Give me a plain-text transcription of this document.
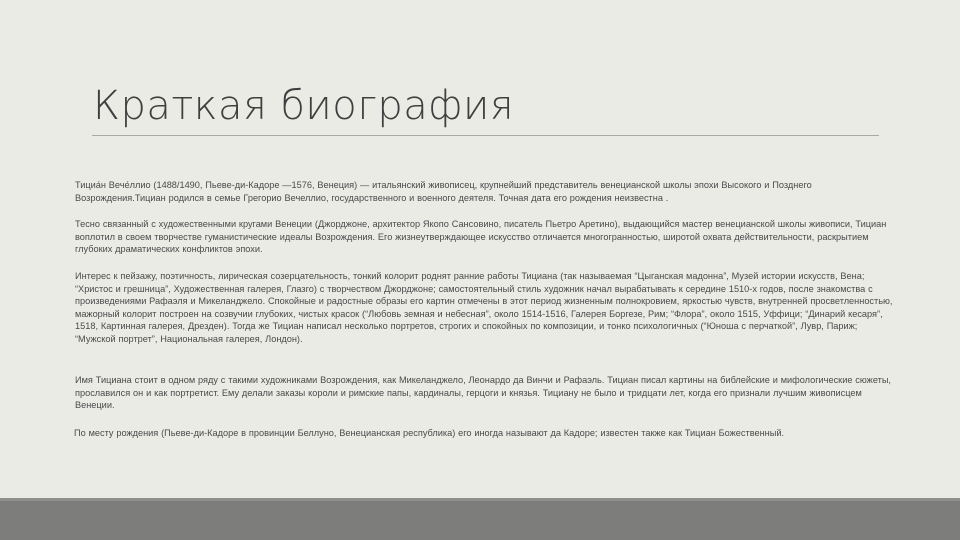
Краткая биография

Тициа́н Вече́ллио (1488/1490, Пьеве-ди-Кадоре —1576, Венеция) — итальянский живописец, крупнейший представитель венецианской школы эпохи Высокого и Позднего Возрождения.Тициан родился в семье Грегорио Вечеллио, государственного и военного деятеля. Точная дата его рождения неизвестна .

Тесно связанный с художественными кругами Венеции (Джорджоне, архитектор Якопо Сансовино, писатель Пьетро Аретино), выдающийся мастер венецианской школы живописи, Тициан воплотил в своем творчестве гуманистические идеалы Возрождения. Его жизнеутверждающее искусство отличается многогранностью, широтой охвата действительности, раскрытием глубоких драматических конфликтов эпохи.

Интерес к пейзажу, поэтичность, лирическая созерцательность, тонкий колорит роднят ранние работы Тициана (так называемая “Цыганская мадонна”, Музей истории искусств, Вена; “Христос и грешница”, Художественная галерея, Глазго) с творчеством Джорджоне; самостоятельный стиль художник начал вырабатывать к середине 1510-х годов, после знакомства с произведениями Рафаэля и Микеланджело. Спокойные и радостные образы его картин отмечены в этот период жизненным полнокровием, яркостью чувств, внутренней просветленностью, мажорный колорит построен на созвучии глубоких, чистых красок (“Любовь земная и небесная”, около 1514-1516, Галерея Боргезе, Рим; “Флора”, около 1515, Уффици; “Динарий кесаря”, 1518, Картинная галерея, Дрезден). Тогда же Тициан написал несколько портретов, строгих и спокойных по композиции, и тонко психологичных (“Юноша с перчаткой”, Лувр, Париж; “Мужской портрет”, Национальная галерея, Лондон).

Имя Тициана стоит в одном ряду с такими художниками Возрождения, как Микеланджело, Леонардо да Винчи и Рафаэль. Тициан писал картины на библейские и мифологические сюжеты, прославился он и как портретист. Ему делали заказы короли и римские папы, кардиналы, герцоги и князья. Тициану не было и тридцати лет, когда его признали лучшим живописцем Венеции.

По месту рождения (Пьеве-ди-Кадоре в провинции Беллуно, Венецианская республика) его иногда называют да Кадоре; известен также как Тициан Божественный.
